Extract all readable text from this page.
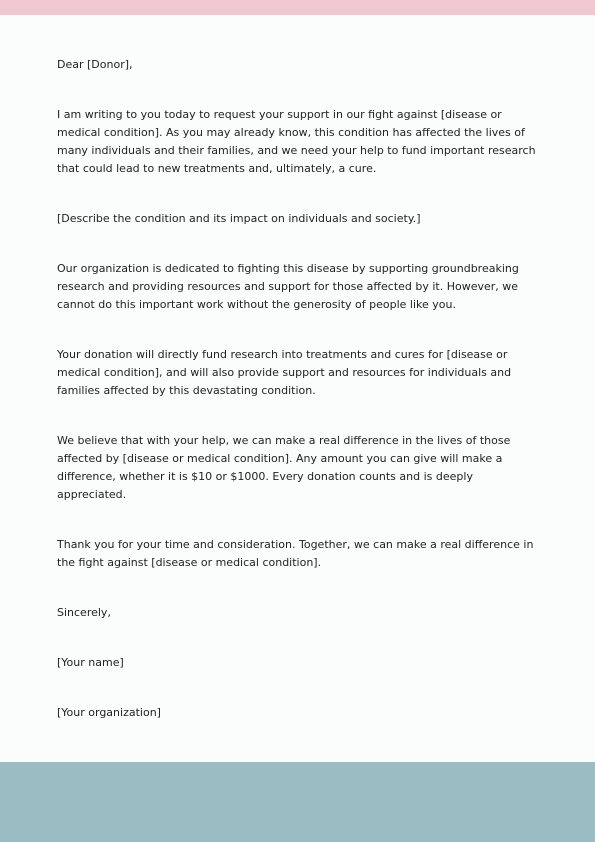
Dear [Donor],

I am writing to you today to request your support in our fight against [disease or medical condition]. As you may already know, this condition has affected the lives of many individuals and their families, and we need your help to fund important research that could lead to new treatments and, ultimately, a cure.

[Describe the condition and its impact on individuals and society.]

Our organization is dedicated to fighting this disease by supporting groundbreaking research and providing resources and support for those affected by it. However, we cannot do this important work without the generosity of people like you.

Your donation will directly fund research into treatments and cures for [disease or medical condition], and will also provide support and resources for individuals and families affected by this devastating condition.

We believe that with your help, we can make a real difference in the lives of those affected by [disease or medical condition]. Any amount you can give will make a difference, whether it is $10 or $1000. Every donation counts and is deeply appreciated.

Thank you for your time and consideration. Together, we can make a real difference in the fight against [disease or medical condition].

Sincerely,

[Your name]

[Your organization]
